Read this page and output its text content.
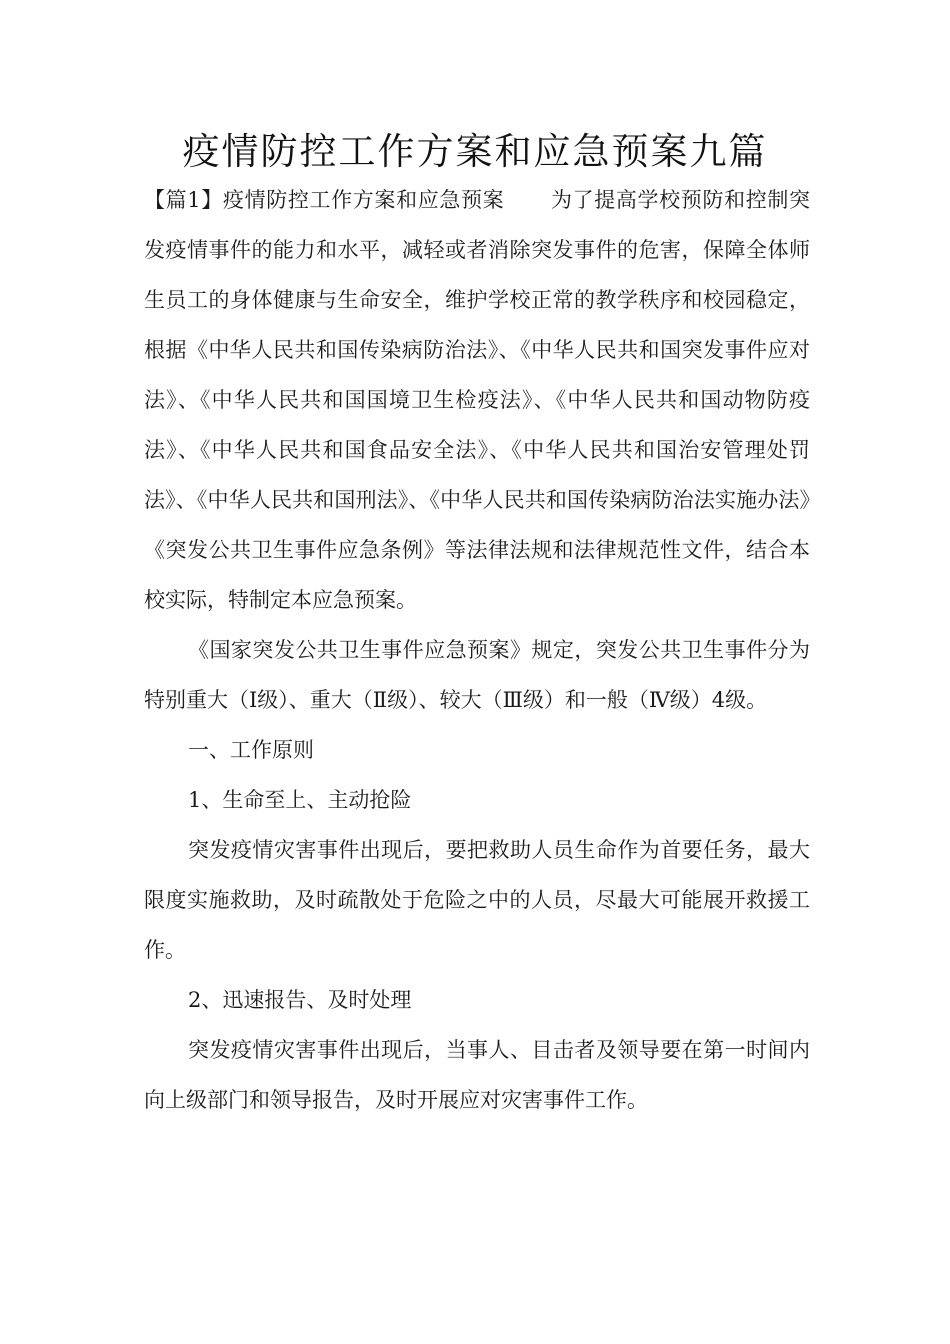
疫情防控工作方案和应急预案九篇

【篇1】疫情防控工作方案和应急预案 为了提高学校预防和控制突发疫情事件的能力和水平，减轻或者消除突发事件的危害，保障全体师生员工的身体健康与生命安全，维护学校正常的教学秩序和校园稳定，根据《中华人民共和国传染病防治法》、《中华人民共和国突发事件应对法》、《中华人民共和国国境卫生检疫法》、《中华人民共和国动物防疫法》、《中华人民共和国食品安全法》、《中华人民共和国治安管理处罚法》、《中华人民共和国刑法》、《中华人民共和国传染病防治法实施办法》《突发公共卫生事件应急条例》等法律法规和法律规范性文件，结合本校实际，特制定本应急预案。

《国家突发公共卫生事件应急预案》规定，突发公共卫生事件分为特别重大（Ⅰ级）、重大（Ⅱ级）、较大（Ⅲ级）和一般（Ⅳ级）4级。

一、工作原则

1、生命至上、主动抢险

突发疫情灾害事件出现后，要把救助人员生命作为首要任务，最大限度实施救助，及时疏散处于危险之中的人员，尽最大可能展开救援工作。

2、迅速报告、及时处理

突发疫情灾害事件出现后，当事人、目击者及领导要在第一时间内向上级部门和领导报告，及时开展应对灾害事件工作。
